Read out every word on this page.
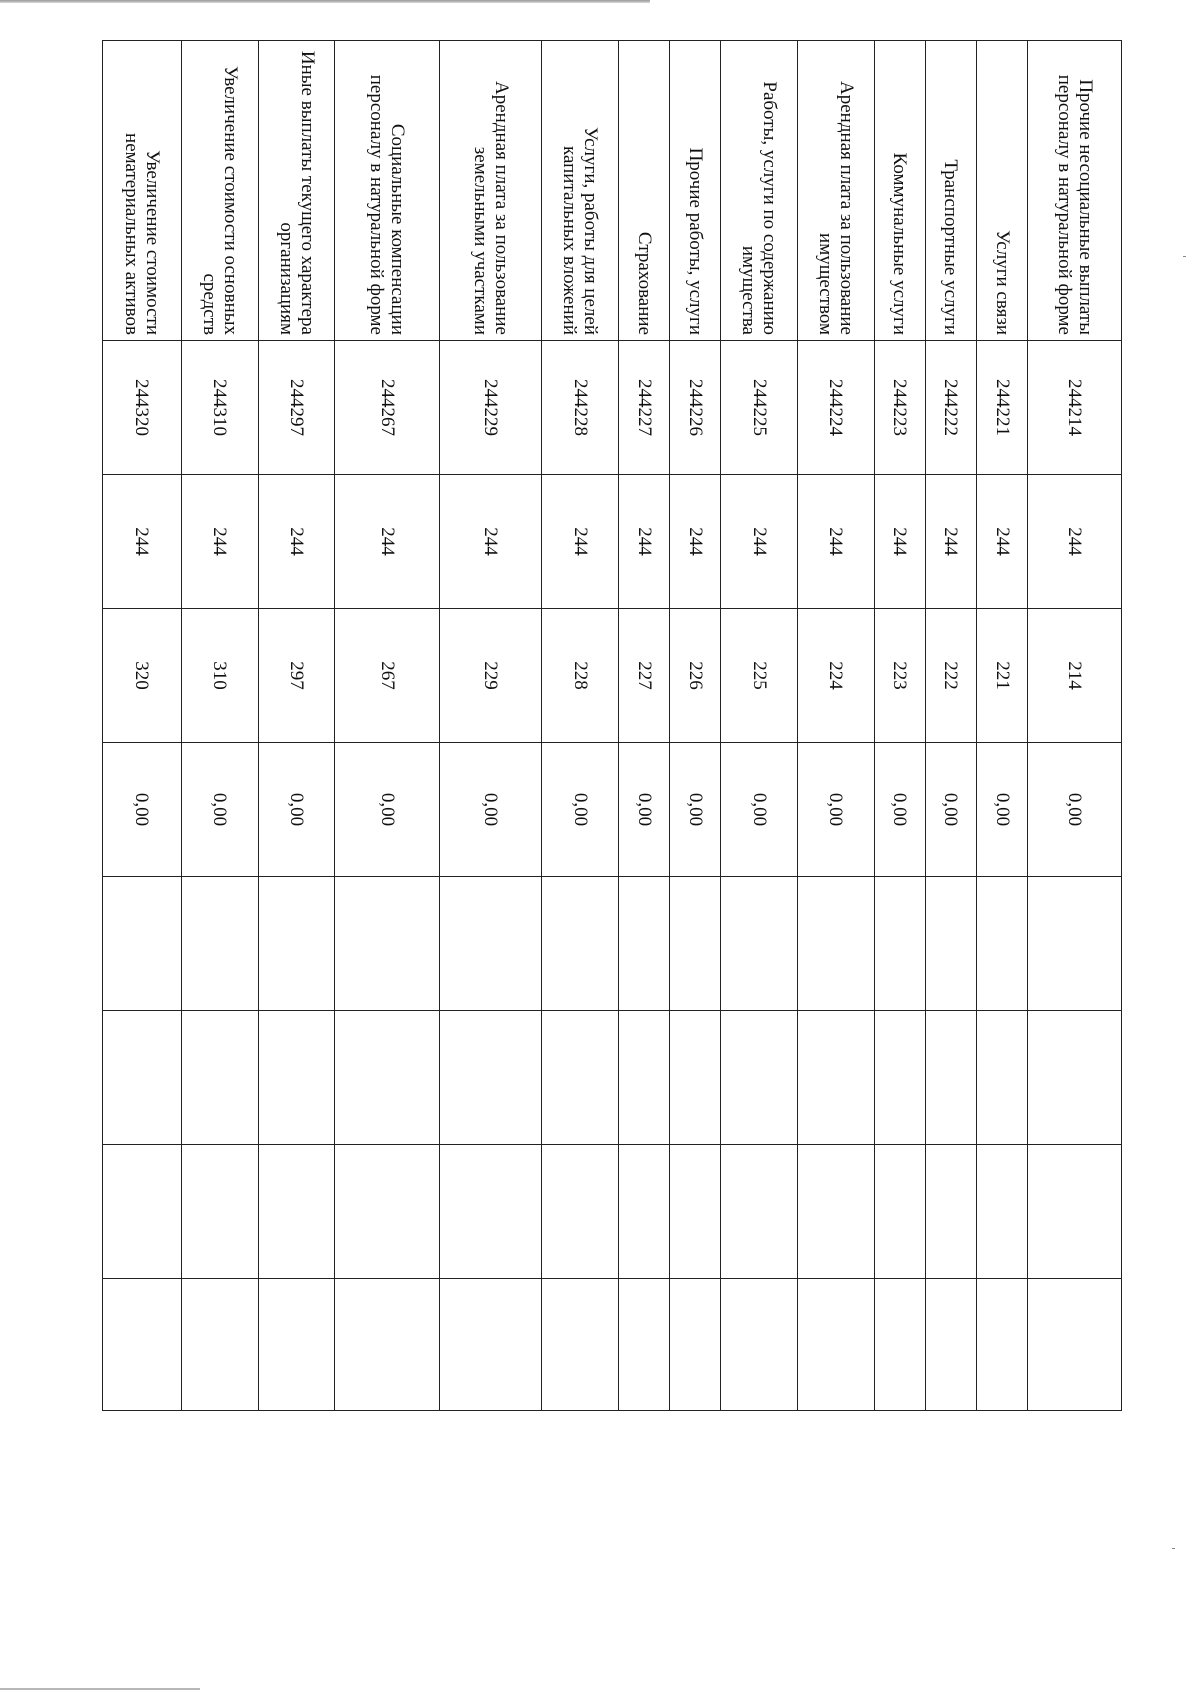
Прочие несоциальные выплаты персоналу в натуральной форме	244214	244	214	0,00				
Услуги связи	244221	244	221	0,00				
Транспортные услуги	244222	244	222	0,00				
Коммунальные услуги	244223	244	223	0,00				
Арендная плата за пользование имуществом	244224	244	224	0,00				
Работы, услуги по содержанию имущества	244225	244	225	0,00				
Прочие работы, услуги	244226	244	226	0,00				
Страхование	244227	244	227	0,00				
Услуги, работы для целей капитальных вложений	244228	244	228	0,00				
Арендная плата за пользование земельными участками	244229	244	229	0,00				
Социальные компенсации персоналу в натуральной форме	244267	244	267	0,00				
Иные выплаты текущего характера организациям	244297	244	297	0,00				
Увеличение стоимости основных средств	244310	244	310	0,00				
Увеличение стоимости нематериальных активов	244320	244	320	0,00				
